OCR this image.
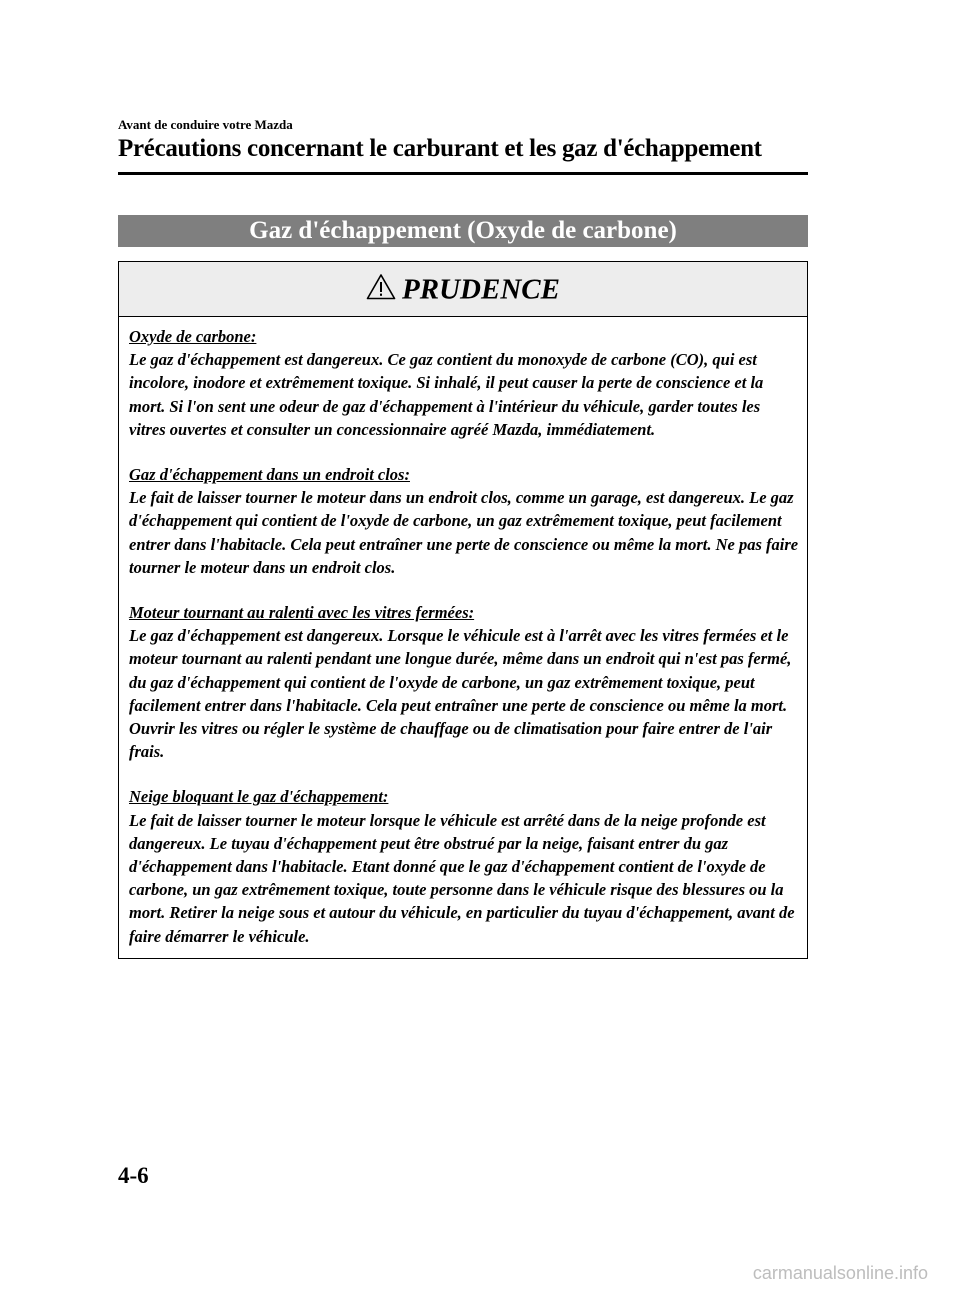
Avant de conduire votre Mazda
Précautions concernant le carburant et les gaz d'échappement
Gaz d'échappement (Oxyde de carbone)
PRUDENCE
Oxyde de carbone:
Le gaz d'échappement est dangereux. Ce gaz contient du monoxyde de carbone (CO), qui est incolore, inodore et extrêmement toxique. Si inhalé, il peut causer la perte de conscience et la mort. Si l'on sent une odeur de gaz d'échappement à l'intérieur du véhicule, garder toutes les vitres ouvertes et consulter un concessionnaire agréé Mazda, immédiatement.
Gaz d'échappement dans un endroit clos:
Le fait de laisser tourner le moteur dans un endroit clos, comme un garage, est dangereux. Le gaz d'échappement qui contient de l'oxyde de carbone, un gaz extrêmement toxique, peut facilement entrer dans l'habitacle. Cela peut entraîner une perte de conscience ou même la mort. Ne pas faire tourner le moteur dans un endroit clos.
Moteur tournant au ralenti avec les vitres fermées:
Le gaz d'échappement est dangereux. Lorsque le véhicule est à l'arrêt avec les vitres fermées et le moteur tournant au ralenti pendant une longue durée, même dans un endroit qui n'est pas fermé, du gaz d'échappement qui contient de l'oxyde de carbone, un gaz extrêmement toxique, peut facilement entrer dans l'habitacle. Cela peut entraîner une perte de conscience ou même la mort. Ouvrir les vitres ou régler le système de chauffage ou de climatisation pour faire entrer de l'air frais.
Neige bloquant le gaz d'échappement:
Le fait de laisser tourner le moteur lorsque le véhicule est arrêté dans de la neige profonde est dangereux. Le tuyau d'échappement peut être obstrué par la neige, faisant entrer du gaz d'échappement dans l'habitacle. Etant donné que le gaz d'échappement contient de l'oxyde de carbone, un gaz extrêmement toxique, toute personne dans le véhicule risque des blessures ou la mort. Retirer la neige sous et autour du véhicule, en particulier du tuyau d'échappement, avant de faire démarrer le véhicule.
4-6
carmanualsonline.info
